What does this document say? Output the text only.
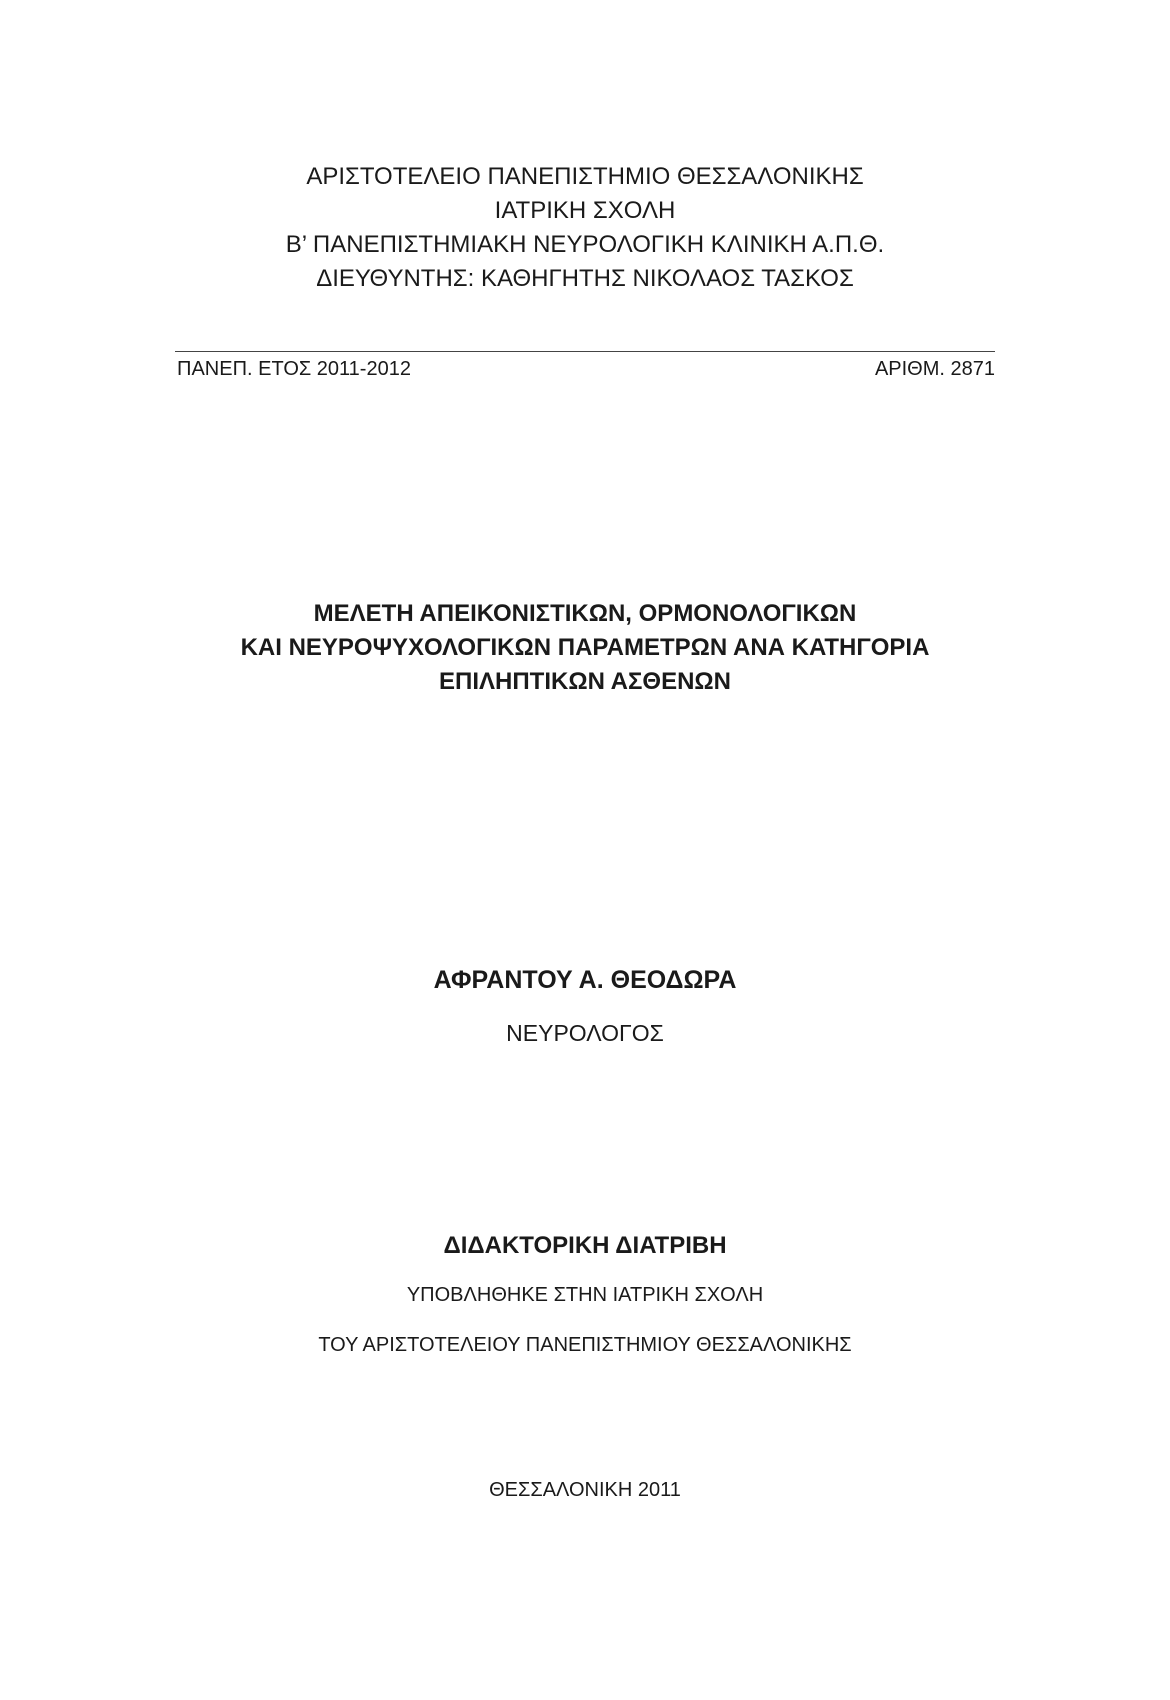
ΑΡΙΣΤΟΤΕΛΕΙΟ ΠΑΝΕΠΙΣΤΗΜΙΟ ΘΕΣΣΑΛΟΝΙΚΗΣ
ΙΑΤΡΙΚΗ ΣΧΟΛΗ
Β’ ΠΑΝΕΠΙΣΤΗΜΙΑΚΗ ΝΕΥΡΟΛΟΓΙΚΗ ΚΛΙΝΙΚΗ Α.Π.Θ.
ΔΙΕΥΘΥΝΤΗΣ: ΚΑΘΗΓΗΤΗΣ ΝΙΚΟΛΑΟΣ ΤΑΣΚΟΣ
ΠΑΝΕΠ. ΕΤΟΣ 2011-2012	ΑΡΙΘΜ. 2871
ΜΕΛΕΤΗ ΑΠΕΙΚΟΝΙΣΤΙΚΩΝ, ΟΡΜΟΝΟΛΟΓΙΚΩΝ
ΚΑΙ ΝΕΥΡΟΨΥΧΟΛΟΓΙΚΩΝ ΠΑΡΑΜΕΤΡΩΝ ΑΝΑ ΚΑΤΗΓΟΡΙΑ
ΕΠΙΛΗΠΤΙΚΩΝ ΑΣΘΕΝΩΝ
ΑΦΡΑΝΤΟΥ Α. ΘΕΟΔΩΡΑ
ΝΕΥΡΟΛΟΓΟΣ
ΔΙΔΑΚΤΟΡΙΚΗ ΔΙΑΤΡΙΒΗ
ΥΠΟΒΛΗΘΗΚΕ ΣΤΗΝ ΙΑΤΡΙΚΗ ΣΧΟΛΗ
ΤΟΥ ΑΡΙΣΤΟΤΕΛΕΙΟΥ ΠΑΝΕΠΙΣΤΗΜΙΟΥ ΘΕΣΣΑΛΟΝΙΚΗΣ
ΘΕΣΣΑΛΟΝΙΚΗ 2011
